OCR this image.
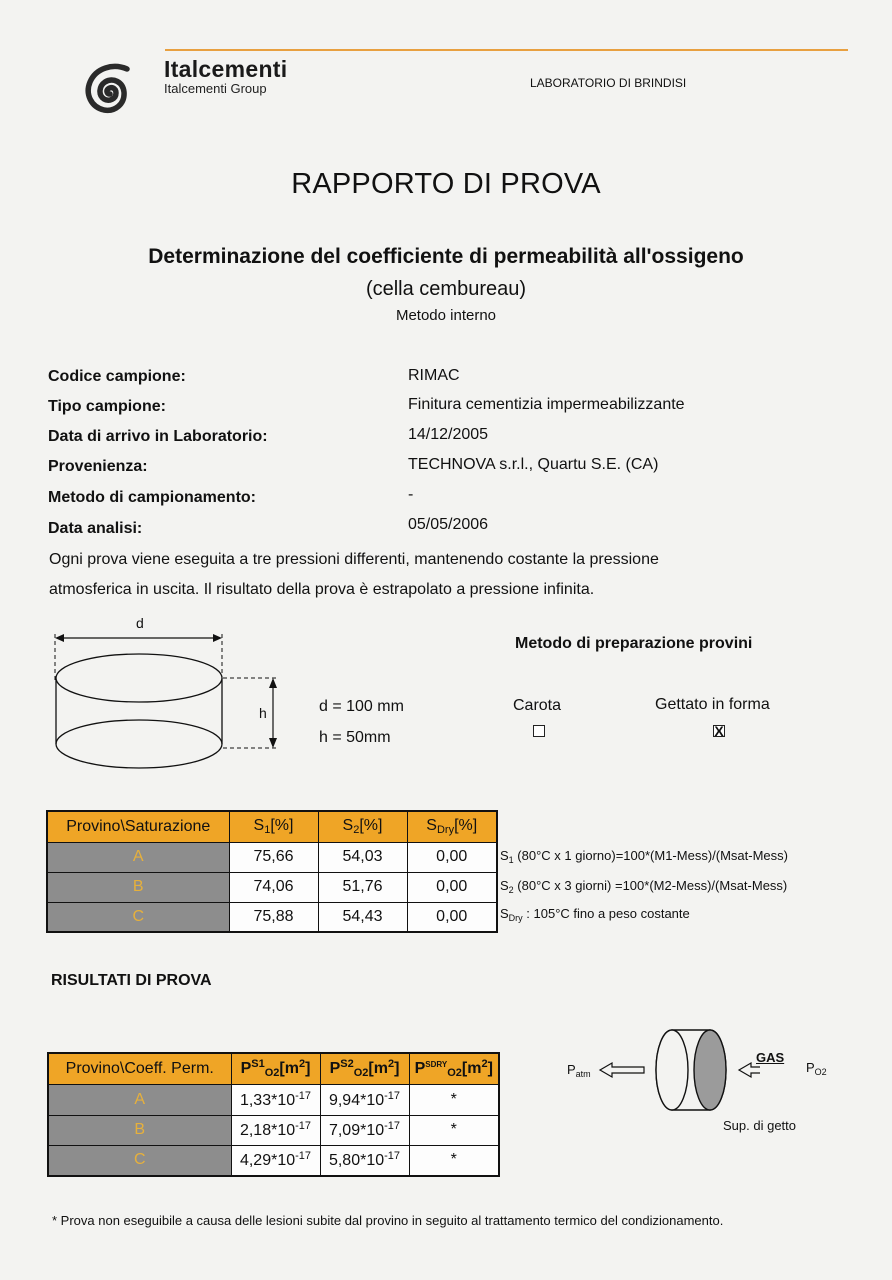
Italcementi
Italcementi Group	LABORATORIO DI BRINDISI
RAPPORTO DI PROVA
Determinazione del coefficiente di permeabilità all'ossigeno
(cella cembureau)
Metodo interno
Codice campione:	RIMAC
Tipo campione:	Finitura cementizia impermeabilizzante
Data di arrivo in Laboratorio:	14/12/2005
Provenienza:	TECHNOVA s.r.l., Quartu S.E. (CA)
Metodo di campionamento:	-
Data analisi:	05/05/2006
Ogni prova viene eseguita a tre pressioni differenti, mantenendo costante la pressione
atmosferica in uscita. Il risultato della prova è estrapolato a pressione infinita.
d
h	d = 100 mm
h = 50mm
Metodo di preparazione provini
Carota	Gettato in forma
X
Provino\Saturazione	$S_1[\%]$	$S_2[\%]$	$S_{Dry}[\%]$
A	75,66	54,03	0,00
B	74,06	51,76	0,00
C	75,88	54,43	0,00
$S_1$ (80°C x 1 giorno)=100*(M1-Mess)/(Msat-Mess)
$S_2$ (80°C x 3 giorni) =100*(M2-Mess)/(Msat-Mess)
$S_{Dry}$ : 105°C fino a peso costante
RISULTATI DI PROVA
Provino\Coeff. Perm.	$P^{S1}_{O2}[m^2]$	$P^{S2}_{O2}[m^2]$	$P^{SDRY}_{O2}[m^2]$
A	$1,33*10^{-17}$	$9,94*10^{-17}$	*
B	$2,18*10^{-17}$	$7,09*10^{-17}$	*
C	$4,29*10^{-17}$	$5,80*10^{-17}$	*
$P_{atm}$
GAS
$P_{O2}$
Sup. di getto
* Prova non eseguibile a causa delle lesioni subite dal provino in seguito al trattamento termico del condizionamento.
